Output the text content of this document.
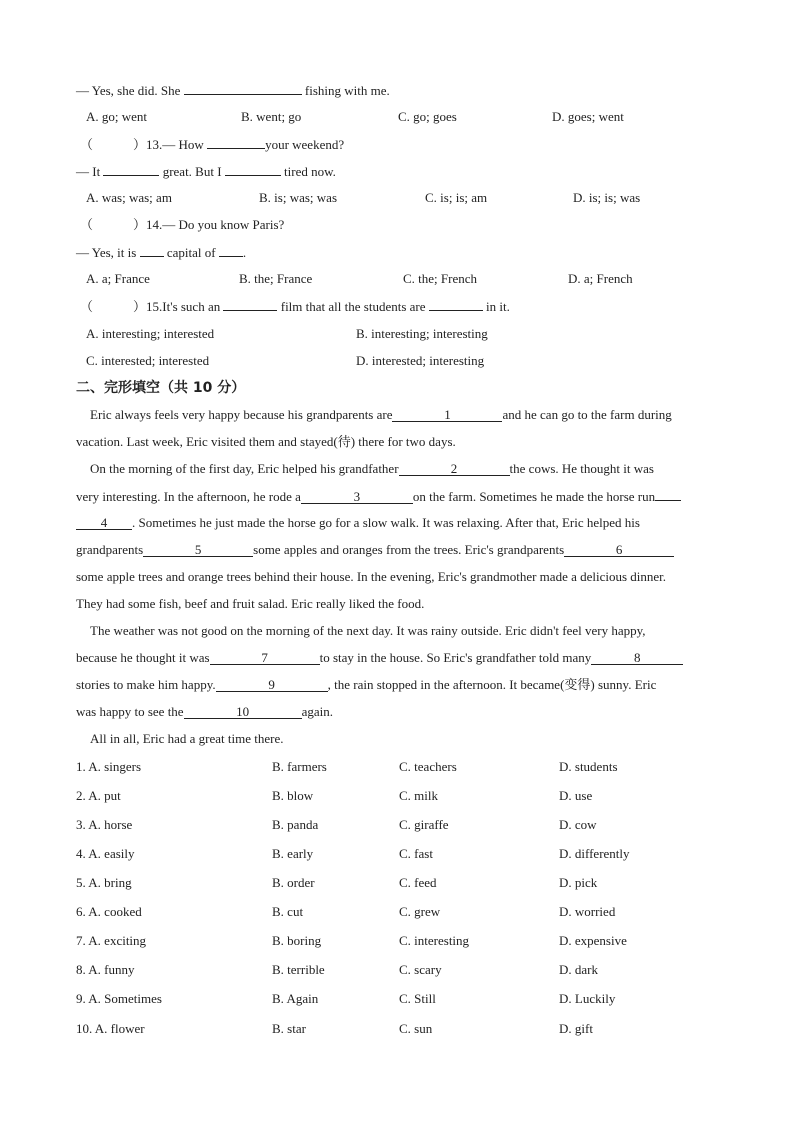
— Yes, she did. She	fishing with me.
A. go; went	B. went; go	C. go; goes	D. goes; went
（	）13.— How	your weekend?
— It	great. But I	tired now.
A. was; was; am	B. is; was; was	C. is; is; am	D. is; is; was
（	）14.— Do you know Paris?
— Yes, it is capital of .
A. a; France	B. the; France	C. the; French	D. a; French
（	）15.It's such an	film that all the students are	in it.
A. interesting; interested	B. interesting; interesting
C. interested; interested	D. interested; interesting
二、完形填空（共 10 分）
Eric always feels very happy because his grandparents are	1	and he can go to the farm during
vacation. Last week, Eric visited them and stayed(待) there for two days.
On the morning of the first day, Eric helped his grandfather	2	the cows. He thought it was
very interesting. In the afternoon, he rode a	3	on the farm. Sometimes he made the horse run
4 . Sometimes he just made the horse go for a slow walk. It was relaxing. After that, Eric helped his
grandparents	5	some apples and oranges from the trees. Eric's grandparents	6
some apple trees and orange trees behind their house. In the evening, Eric's grandmother made a delicious dinner.
They had some fish, beef and fruit salad. Eric really liked the food.
The weather was not good on the morning of the next day. It was rainy outside. Eric didn't feel very happy,
because he thought it was	7	to stay in the house. So Eric's grandfather told many	8
stories to make him happy.	9	, the rain stopped in the afternoon. It became(变得) sunny. Eric
was happy to see the	10	again.
All in all, Eric had a great time there.
1. A. singers	B. farmers	C. teachers	D. students
2. A. put	B. blow	C. milk	D. use
3. A. horse	B. panda	C. giraffe	D. cow
4. A. easily	B. early	C. fast	D. differently
5. A. bring	B. order	C. feed	D. pick
6. A. cooked	B. cut	C. grew	D. worried
7. A. exciting	B. boring	C. interesting	D. expensive
8. A. funny	B. terrible	C. scary	D. dark
9. A. Sometimes	B. Again	C. Still	D. Luckily
10. A. flower	B. star	C. sun	D. gift
